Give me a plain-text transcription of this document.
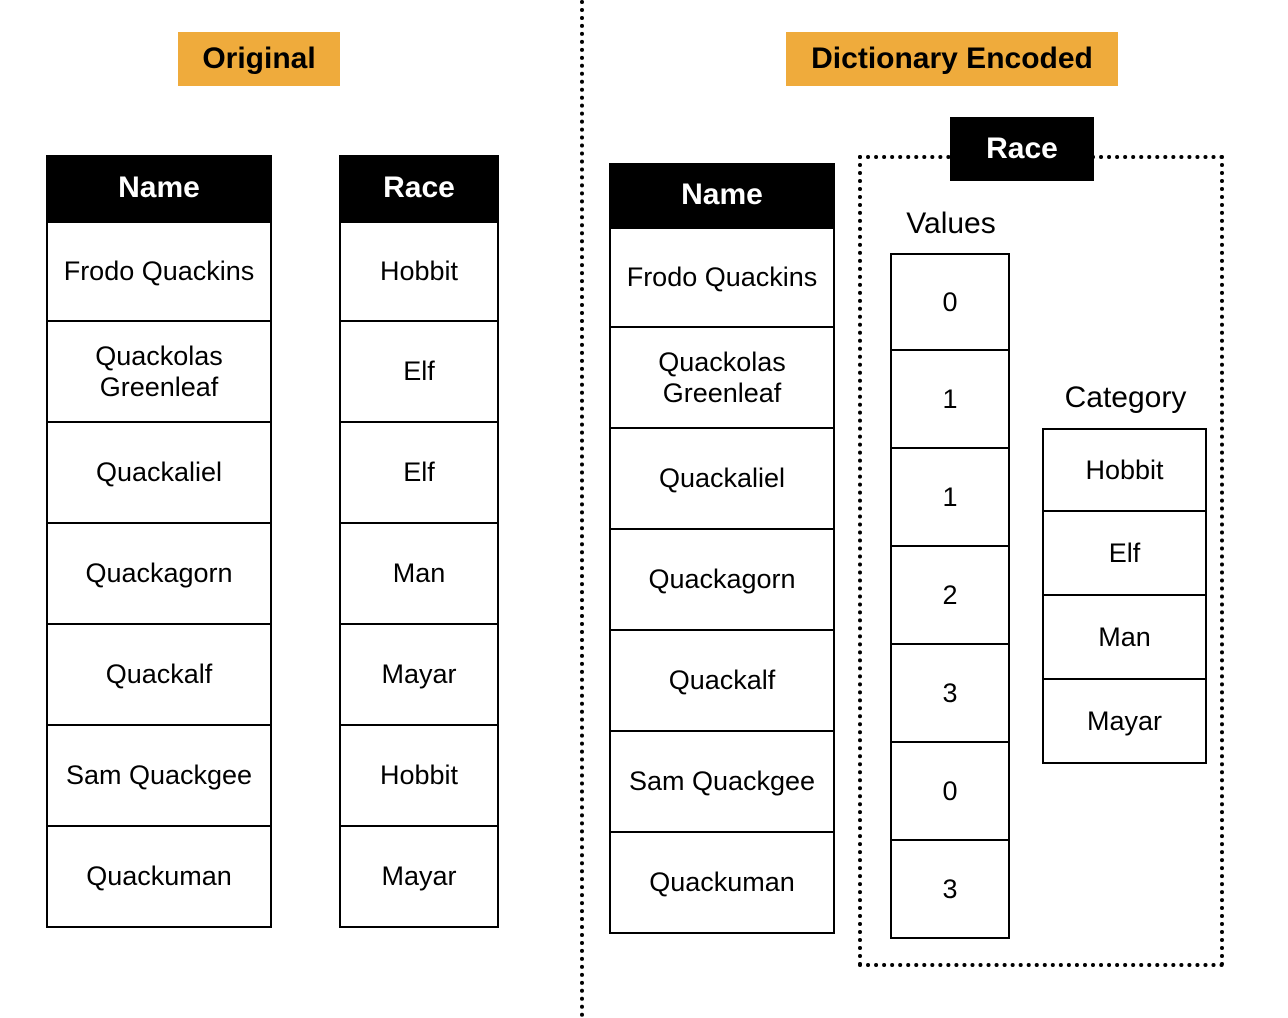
Original
Name
Frodo Quackins
Quackolas Greenleaf
Quackaliel
Quackagorn
Quackalf
Sam Quackgee
Quackuman
Race
Hobbit
Elf
Elf
Man
Mayar
Hobbit
Mayar
Dictionary Encoded
Name
Frodo Quackins
Quackolas Greenleaf
Quackaliel
Quackagorn
Quackalf
Sam Quackgee
Quackuman
Race
Values
0
1
1
2
3
0
3
Category
Hobbit
Elf
Man
Mayar
